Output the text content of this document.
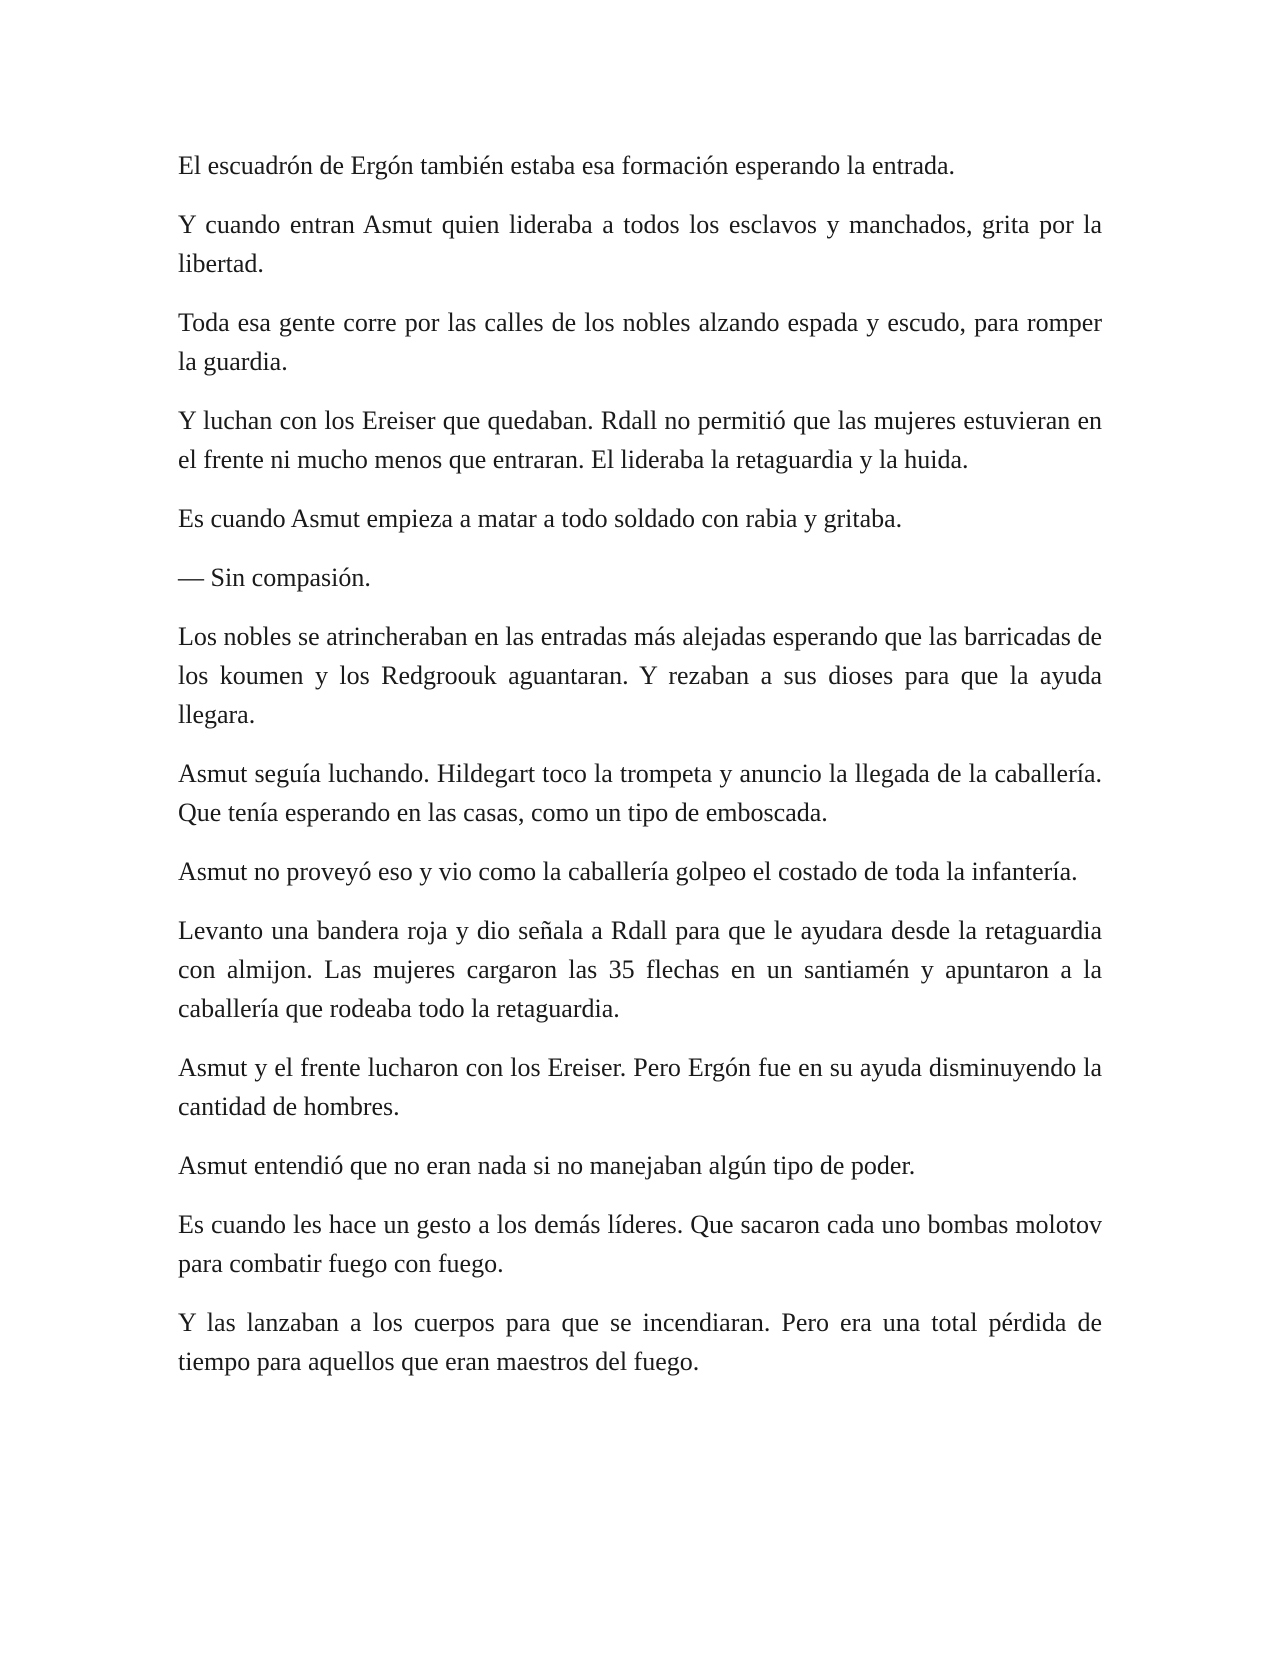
El escuadrón de Ergón también estaba esa formación esperando la entrada.

Y cuando entran Asmut quien lideraba a todos los esclavos y manchados, grita por la libertad.

Toda esa gente corre por las calles de los nobles alzando espada y escudo, para romper la guardia.

Y luchan con los Ereiser que quedaban. Rdall no permitió que las mujeres estuvieran en el frente ni mucho menos que entraran. El lideraba la retaguardia y la huida.

Es cuando Asmut empieza a matar a todo soldado con rabia y gritaba.

— Sin compasión.

Los nobles se atrincheraban en las entradas más alejadas esperando que las barricadas de los koumen y los Redgroouk aguantaran. Y rezaban a sus dioses para que la ayuda llegara.

Asmut seguía luchando. Hildegart toco la trompeta y anuncio la llegada de la caballería. Que tenía esperando en las casas, como un tipo de emboscada.

Asmut no proveyó eso y vio como la caballería golpeo el costado de toda la infantería.

Levanto una bandera roja y dio señala a Rdall para que le ayudara desde la retaguardia con almijon. Las mujeres cargaron las 35 flechas en un santiamén y apuntaron a la caballería que rodeaba todo la retaguardia.

Asmut y el frente lucharon con los Ereiser. Pero Ergón fue en su ayuda disminuyendo la cantidad de hombres.

Asmut entendió que no eran nada si no manejaban algún tipo de poder.

Es cuando les hace un gesto a los demás líderes. Que sacaron cada uno bombas molotov para combatir fuego con fuego.

Y las lanzaban a los cuerpos para que se incendiaran. Pero era una total pérdida de tiempo para aquellos que eran maestros del fuego.
